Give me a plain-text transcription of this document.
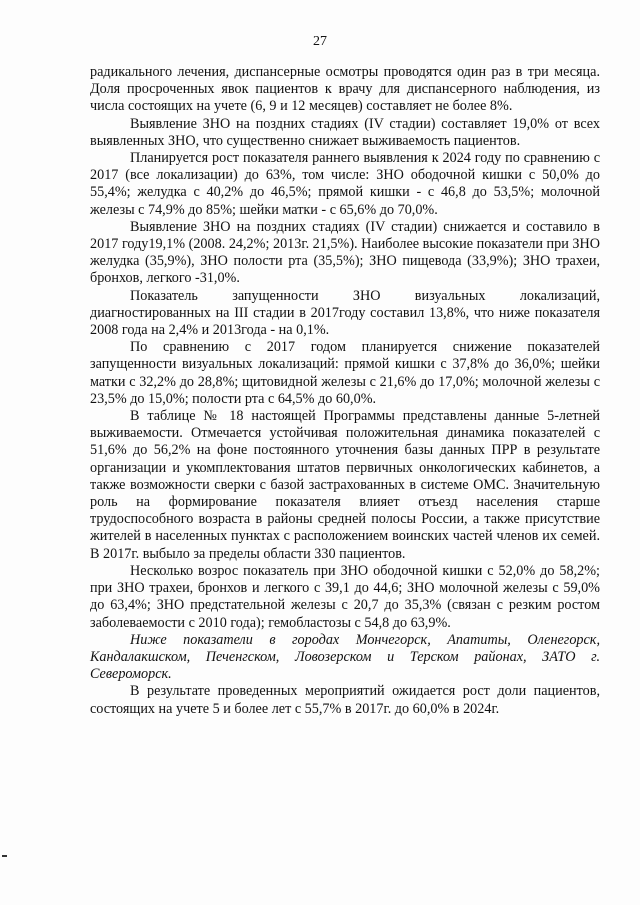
27

радикального лечения, диспансерные осмотры проводятся один раз в три месяца. Доля просроченных явок пациентов к врачу для диспансерного наблюдения, из числа состоящих на учете (6, 9 и 12 месяцев) составляет не более 8%.

Выявление ЗНО на поздних стадиях (IV стадии) составляет 19,0% от всех выявленных ЗНО, что существенно снижает выживаемость пациентов.

Планируется рост показателя раннего выявления к 2024 году по сравнению с 2017 (все локализации) до 63%, том числе: ЗНО ободочной кишки с 50,0% до 55,4%; желудка с 40,2% до 46,5%; прямой кишки - с 46,8 до 53,5%; молочной железы с 74,9% до 85%; шейки матки - с 65,6% до 70,0%.

Выявление ЗНО на поздних стадиях (IV стадии) снижается и составило в 2017 году19,1% (2008. 24,2%; 2013г. 21,5%). Наиболее высокие показатели при ЗНО желудка (35,9%), ЗНО полости рта (35,5%); ЗНО пищевода (33,9%); ЗНО трахеи, бронхов, легкого -31,0%.

Показатель запущенности ЗНО визуальных локализаций, диагностированных на III стадии в 2017году составил 13,8%, что ниже показателя 2008 года на 2,4% и 2013года - на 0,1%.

По сравнению с 2017 годом планируется снижение показателей запущенности визуальных локализаций: прямой кишки с 37,8% до 36,0%; шейки матки с 32,2% до 28,8%; щитовидной железы с 21,6% до 17,0%; молочной железы с 23,5% до 15,0%; полости рта с 64,5% до 60,0%.

В таблице № 18 настоящей Программы представлены данные 5-летней выживаемости. Отмечается устойчивая положительная динамика показателей с 51,6% до 56,2% на фоне постоянного уточнения базы данных ПРР в результате организации и укомплектования штатов первичных онкологических кабинетов, а также возможности сверки с базой застрахованных в системе ОМС. Значительную роль на формирование показателя влияет отъезд населения старше трудоспособного возраста в районы средней полосы России, а также присутствие жителей в населенных пунктах с расположением воинских частей членов их семей. В 2017г. выбыло за пределы области 330 пациентов.

Несколько возрос показатель при ЗНО ободочной кишки с 52,0% до 58,2%; при ЗНО трахеи, бронхов и легкого с 39,1 до 44,6; ЗНО молочной железы с 59,0% до 63,4%; ЗНО предстательной железы с 20,7 до 35,3% (связан с резким ростом заболеваемости с 2010 года); гемобластозы с 54,8 до 63,9%.

Ниже показатели в городах Мончегорск, Апатиты, Оленегорск, Кандалакшском, Печенгском, Ловозерском и Терском районах, ЗАТО г. Североморск.

В результате проведенных мероприятий ожидается рост доли пациентов, состоящих на учете 5 и более лет с 55,7% в 2017г. до 60,0% в 2024г.
